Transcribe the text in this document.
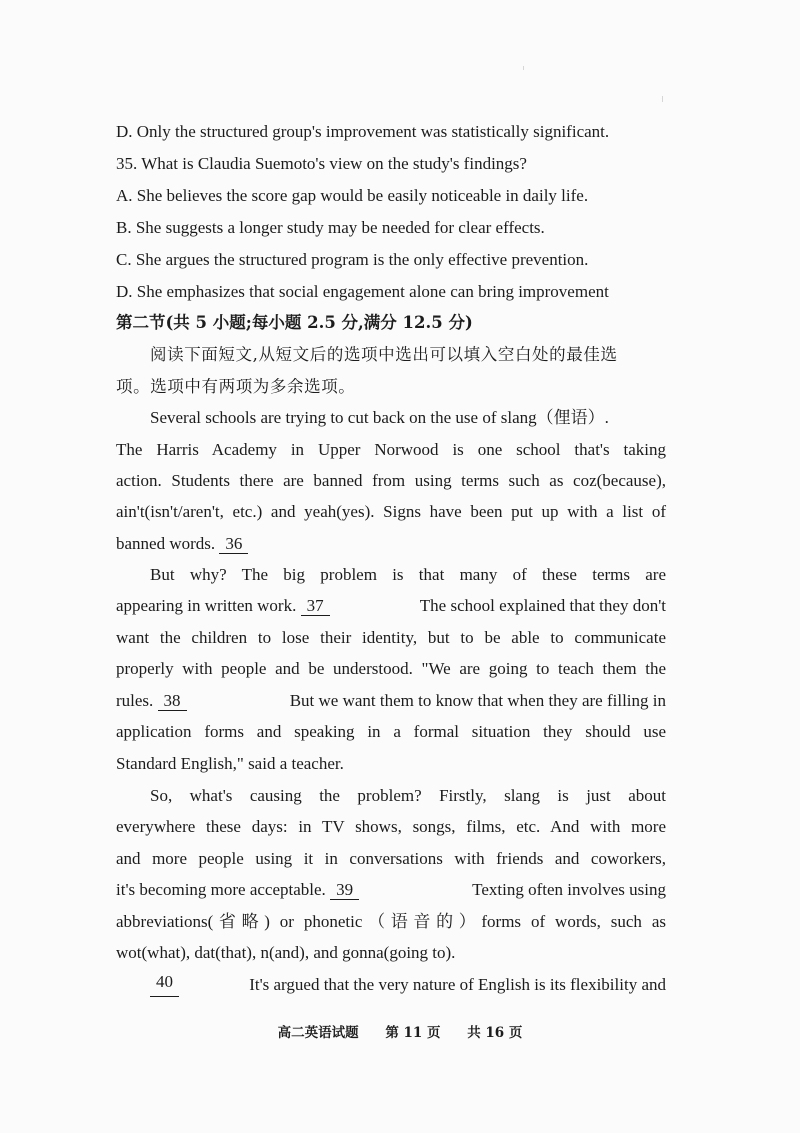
D. Only the structured group's improvement was statistically significant.
35. What is Claudia Suemoto's view on the study's findings?
A. She believes the score gap would be easily noticeable in daily life.
B. She suggests a longer study may be needed for clear effects.
C. She argues the structured program is the only effective prevention.
D. She emphasizes that social engagement alone can bring improvement
第二节(共 5 小题;每小题 2.5 分,满分 12.5 分)
阅读下面短文,从短文后的选项中选出可以填入空白处的最佳选
项。选项中有两项为多余选项。
Several schools are trying to cut back on the use of slang（俚语）.
The Harris Academy in Upper Norwood is one school that's taking
action. Students there are banned from using terms such as coz(because),
ain't(isn't/aren't, etc.) and yeah(yes). Signs have been put up with a list of
banned words. 36
But why? The big problem is that many of these terms are
appearing in written work. 37	The school explained that they don't
want the children to lose their identity, but to be able to communicate
properly with people and be understood. "We are going to teach them the
rules. 38	But we want them to know that when they are filling in
application forms and speaking in a formal situation they should use
Standard English," said a teacher.
So, what's causing the problem? Firstly, slang is just about
everywhere these days: in TV shows, songs, films, etc. And with more
and more people using it in conversations with friends and coworkers,
it's becoming more acceptable. 39	Texting often involves using
abbreviations(省略) or phonetic（语音的）forms of words, such as
wot(what), dat(that), n(and), and gonna(going to).
40	It's argued that the very nature of English is its flexibility and
高二英语试题 第 11 页 共 16 页
